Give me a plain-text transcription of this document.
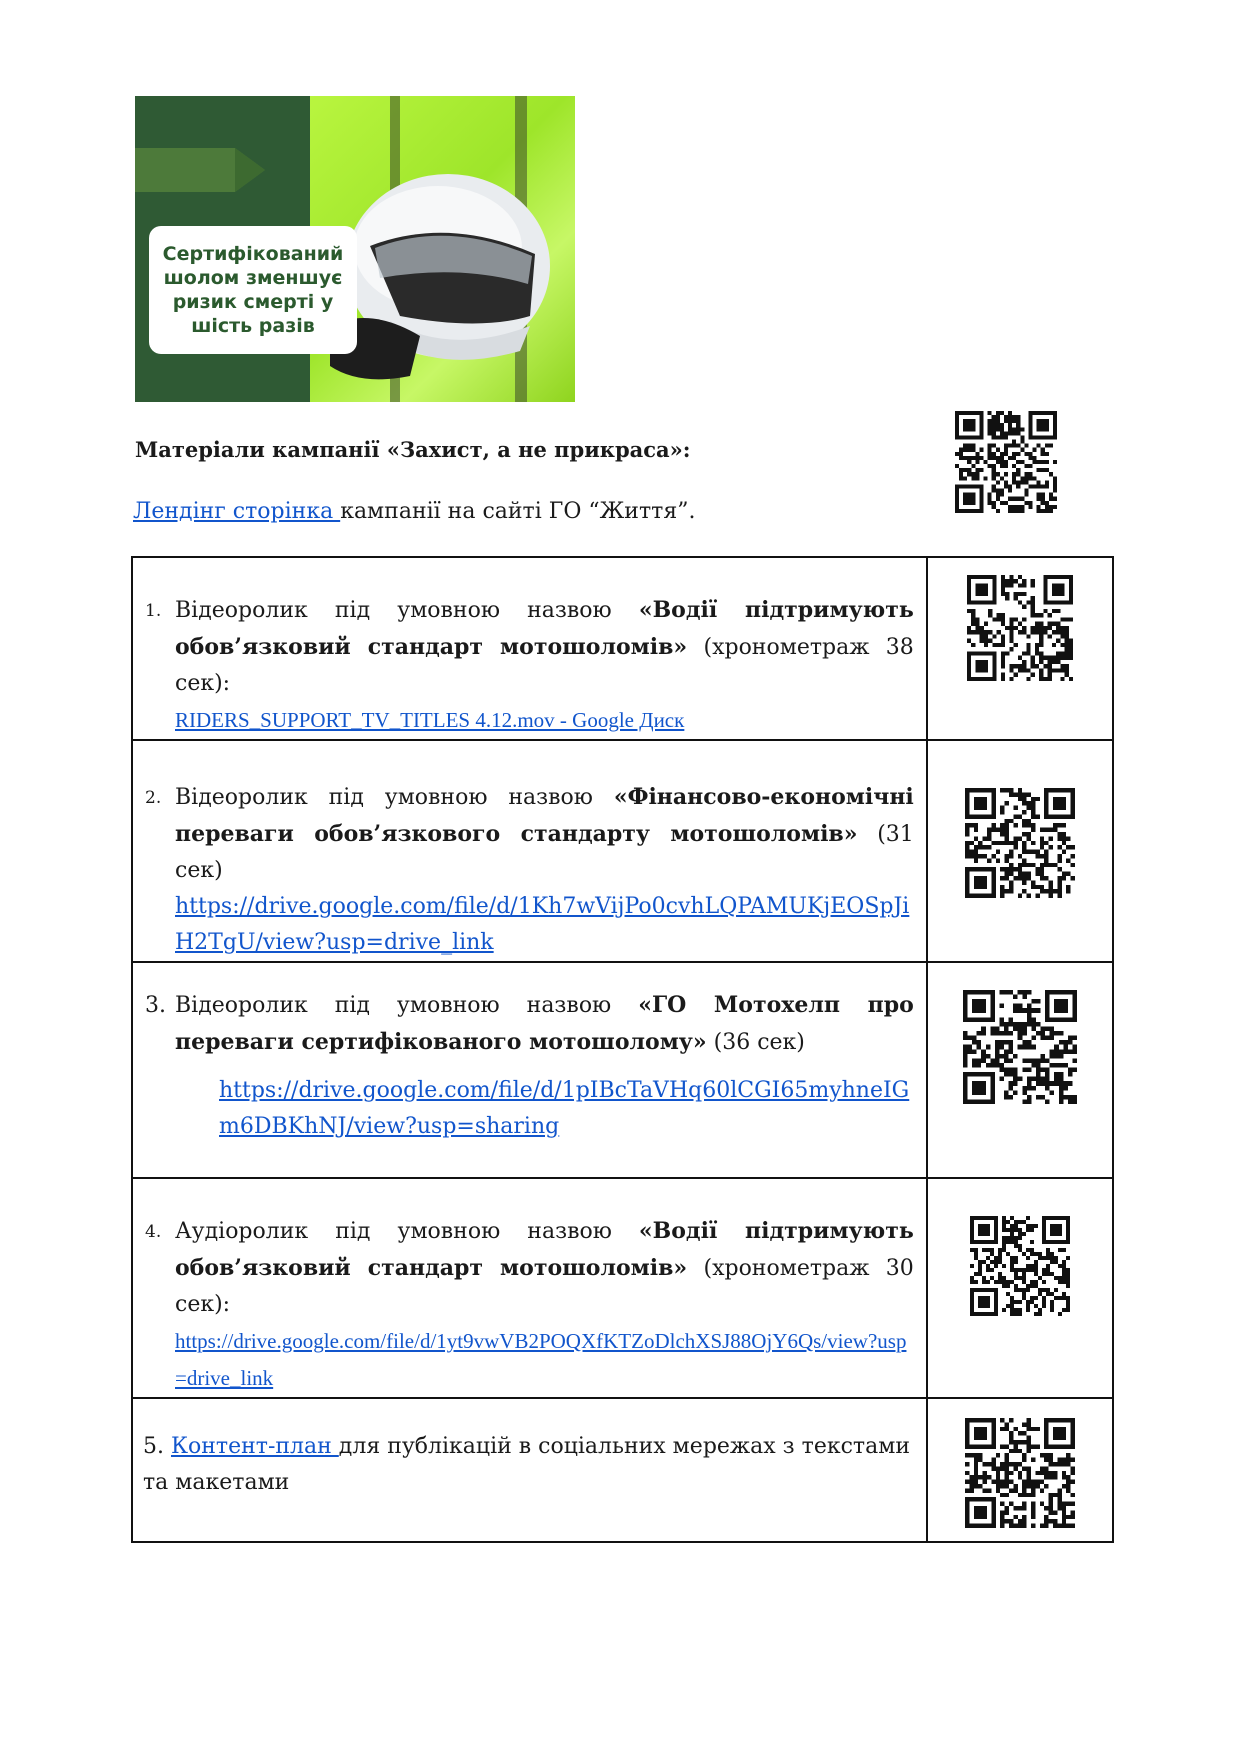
Сертифікований
шолом зменшує
ризик смерті у
шість разів
Матеріали кампанії «Захист, а не прикраса»:
Лендінг сторінка кампанії на сайті ГО “Життя”.
1. Відеоролик під умовною назвою «Водії підтримують обов’язковий стандарт мотошоломів» (хронометраж 38 сек):
RIDERS_SUPPORT_TV_TITLES 4.12.mov - Google Диск

2. Відеоролик під умовною назвою «Фінансово-економічні переваги обов’язкового стандарту мотошоломів» (31 сек)
https://drive.google.com/file/d/1Kh7wVijPo0cvhLQPAMUKjEOSpJiH2TgU/view?usp=drive_link

3. Відеоролик під умовною назвою «ГО Мотохелп про переваги сертифікованого мотошолому» (36 сек)
https://drive.google.com/file/d/1pIBcTaVHq60lCGI65myhneIGm6DBKhNJ/view?usp=sharing

4. Аудіоролик під умовною назвою «Водії підтримують обов’язковий стандарт мотошоломів» (хронометраж 30 сек):
https://drive.google.com/file/d/1yt9vwVB2POQXfKTZoDlchXSJ88OjY6Qs/view?usp=drive_link

5. Контент-план для публікацій в соціальних мережах з текстами та макетами
